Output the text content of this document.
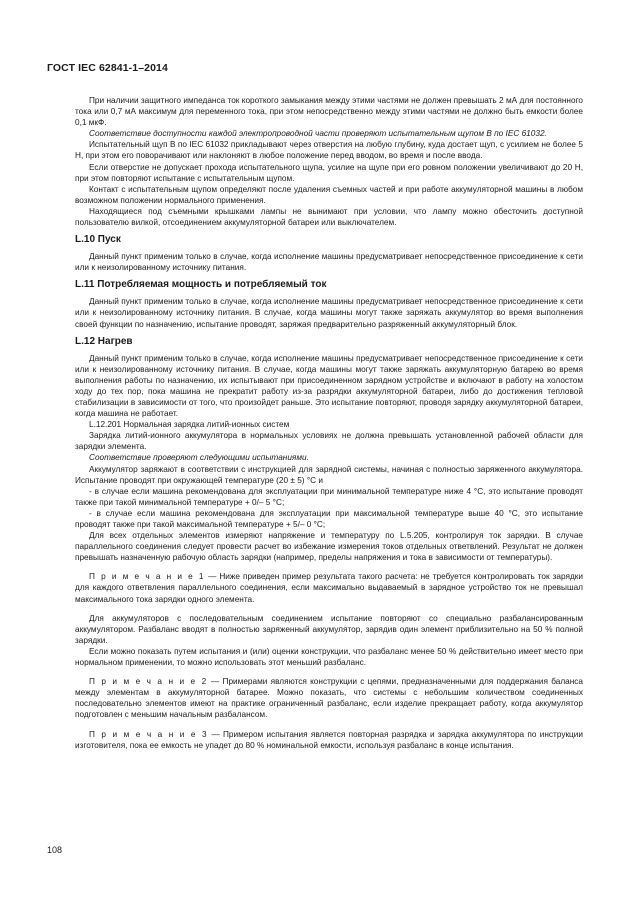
ГОСТ IEC 62841-1–2014

При наличии защитного импеданса ток короткого замыкания между этими частями не должен превышать 2 мА для постоянного тока или 0,7 мА максимум для переменного тока, при этом непосредственно между этими частями не должно быть емкости более 0,1 мкФ.

Соответствие доступности каждой электропроводной части проверяют испытательным щупом B по IEC 61032.

Испытательный щуп B по IEC 61032 прикладывают через отверстия на любую глубину, куда достает щуп, с усилием не более 5 Н, при этом его поворачивают или наклоняют в любое положение перед вводом, во время и после ввода.

Если отверстие не допускает прохода испытательного щупа, усилие на щупе при его ровном положении увеличивают до 20 Н, при этом повторяют испытание с испытательным щупом.

Контакт с испытательным щупом определяют после удаления съемных частей и при работе аккумуляторной машины в любом возможном положении нормального применения.

Находящиеся под съемными крышками лампы не вынимают при условии, что лампу можно обесточить доступной пользователю вилкой, отсоединением аккумуляторной батареи или выключателем.

L.10 Пуск

Данный пункт применим только в случае, когда исполнение машины предусматривает непосредственное присоединение к сети или к неизолированному источнику питания.

L.11 Потребляемая мощность и потребляемый ток

Данный пункт применим только в случае, когда исполнение машины предусматривает непосредственное присоединение к сети или к неизолированному источнику питания. В случае, когда машины могут также заряжать аккумулятор во время выполнения своей функции по назначению, испытание проводят, заряжая предварительно разряженный аккумуляторный блок.

L.12 Нагрев

Данный пункт применим только в случае, когда исполнение машины предусматривает непосредственное присоединение к сети или к неизолированному источнику питания. В случае, когда машины могут также заряжать аккумуляторную батарею во время выполнения работы по назначению, их испытывают при присоединенном зарядном устройстве и включают в работу на холостом ходу до тех пор, пока машина не прекратит работу из-за разрядки аккумуляторной батареи, либо до достижения тепловой стабилизации в зависимости от того, что произойдет раньше. Это испытание повторяют, проводя зарядку аккумуляторной батареи, когда машина не работает.

L.12.201 Нормальная зарядка литий-ионных систем

Зарядка литий-ионного аккумулятора в нормальных условиях не должна превышать установленной рабочей области для зарядки элемента.

Соответствие проверяют следующими испытаниями.

Аккумулятор заряжают в соответствии с инструкцией для зарядной системы, начиная с полностью заряженного аккумулятора. Испытание проводят при окружающей температуре (20 ± 5) °С и

- в случае если машина рекомендована для эксплуатации при минимальной температуре ниже 4 °С, это испытание проводят также при такой минимальной температуре + 0/– 5 °С;

- в случае если машина рекомендована для эксплуатации при максимальной температуре выше 40 °С, это испытание проводят также при такой максимальной температуре + 5/– 0 °С;

Для всех отдельных элементов измеряют напряжение и температуру по L.5.205, контролируя ток зарядки. В случае параллельного соединения следует провести расчет во избежание измерения токов отдельных ответвлений. Результат не должен превышать назначенную рабочую область зарядки (например, пределы напряжения и тока в зависимости от температуры).

П р и м е ч а н и е 1 — Ниже приведен пример результата такого расчета: не требуется контролировать ток зарядки для каждого ответвления параллельного соединения, если максимально выдаваемый в зарядное устройство ток не превышал максимального тока зарядки одного элемента.

Для аккумуляторов с последовательным соединением испытание повторяют со специально разбалансированным аккумулятором. Разбаланс вводят в полностью заряженный аккумулятор, зарядив один элемент приблизительно на 50 % полной зарядки.

Если можно показать путем испытания и (или) оценки конструкции, что разбаланс менее 50 % действительно имеет место при нормальном применении, то можно использовать этот меньший разбаланс.

П р и м е ч а н и е 2 — Примерами являются конструкции с цепями, предназначенными для поддержания баланса между элементам в аккумуляторной батарее. Можно показать, что системы с небольшим количеством соединенных последовательно элементов имеют на практике ограниченный разбаланс, если изделие прекращает работу, когда аккумулятор подготовлен с меньшим начальным разбалансом.

П р и м е ч а н и е 3 — Примером испытания является повторная разрядка и зарядка аккумулятора по инструкции изготовителя, пока ее емкость не упадет до 80 % номинальной емкости, используя разбаланс в конце испытания.

108
